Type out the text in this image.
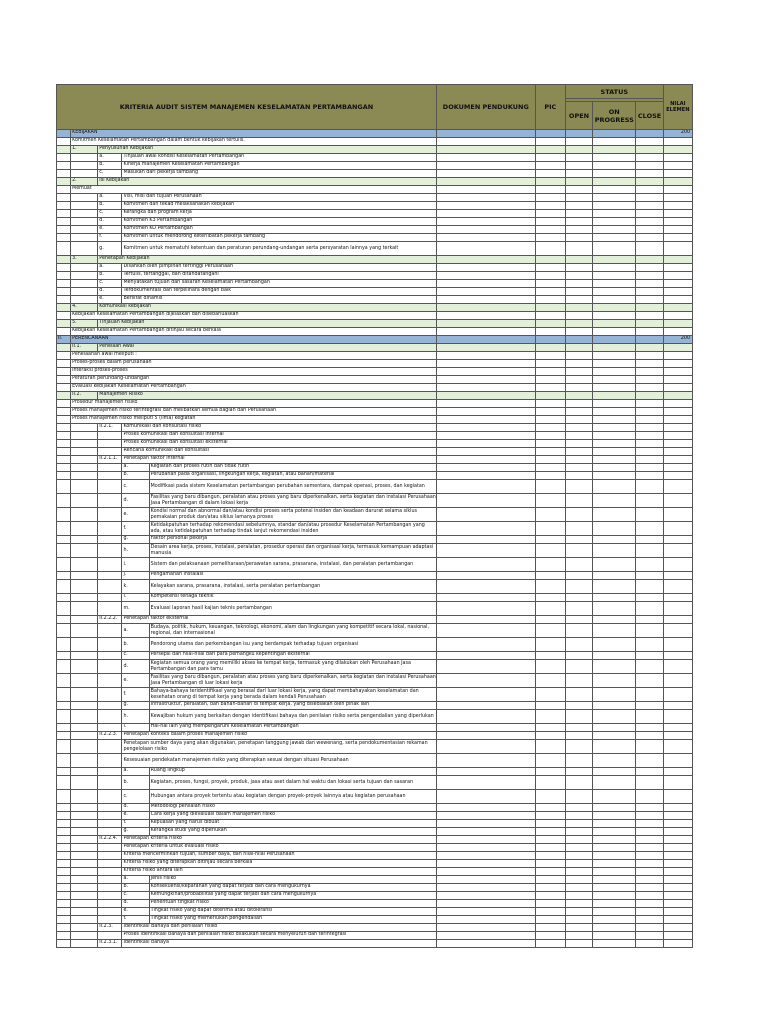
KRITERIA AUDIT SISTEM MANAJEMEN KESELAMATAN PERTAMBANGAN					DOKUMEN PENDUKUNG	PIC	STATUS			NILAI ELEMEN

							OPEN	ON PROGRESS	CLOSE	
	KEBIJAKAN									200
	Komitmen Keselamatan Pertambangan dalam bentuk kebijakan tertulis.									
	1.	Penyusunan Kebijakan								
		a.	Tinjauan awal kondisi Keselamatan Pertambangan							
		b.	Kinerja manajemen Keselamatan Pertambangan							
		c.	Masukan dari pekerja tambang							
	2.	Isi Kebijakan								
	Memuat									
		a.	Visi, misi dan tujuan Perusahaan							
		b.	Komitmen dan tekad melaksanakan kebijakan							
		c.	Kerangka dan program kerja							
		d.	Komitmen K3 Pertambangan							
		e.	Komitmen KO Pertambangan							
		f.	Komitmen untuk mendorong keterlibatan pekerja tambang							
		g.	Komitmen untuk mematuhi ketentuan dan peraturan perundang-undangan serta persyaratan lainnya yang terkait							
	3.	Penetapan Kebijakan								
		a.	Disahkan oleh pimpinan tertinggi Perusahaan							
		b.	Tertulis, tertanggal, dan ditandatangani							
		c.	Menyatakan tujuan dan sasaran Keselamatan Pertambangan							
		d.	Terdokumentasi dan terpelihara dengan baik							
		e.	Bersifat dinamis							
	4.	Komunikasi kebijakan								
	Kebijakan Keselamatan Pertambangan dijelaskan dan disebarluaskan									
	5.	Tinjauan Kebijakan								
	Kebijakan Keselamatan Pertambangan ditinjau secara berkala									
II.	PERENCANAAN									200
	II.1.	Penelaan Awal								
	Penelaahan awal meliputi :									
	Proses-proses dalam perusahaan									
	Interaksi proses-proses									
	Peraturan perundang-undangan									
	Evaluasi kebijakan Keselamatan Pertambangan									
	II.2.	Manajemen Risiko								
	Prosedur manajemen risiko									
	Proses manajemen risiko terintegrasi dan melibatkan semua bagian dari Perusahaan									
	Proses manajemen risiko meliputi 5 (lima) kegiatan									
		II.2.1.	Komunikasi dan konsultasi risiko							
			Proses komunikasi dan konsultasi internal							
			Proses komunikasi dan konsultasi eksternal							
			Rencana komunikasi dan konsultasi							
		II.2.1.1.	Penetapan faktor internal							
			a.	Kegiatan dan proses rutin dan tidak rutin						
			b.	Perubahan pada organisasi, lingkungan kerja, kegiatan, atau bahan/material						
			c.	Modifikasi pada sistem Keselamatan pertambangan perubahan sementara, dampak operasi, proses, dan kegiatan						
			d.	Fasilitas yang baru dibangun, peralatan atau proses yang baru diperkenalkan, serta kegiatan dan instalasi Perusahaan Jasa Pertambangan di dalam lokasi kerja						
			e.	Kondisi normal dan abnormal dan/atau kondisi proses serta potensi insiden dan keadaan darurat selama siklus pemakaian produk dan/atau siklus lamanya proses						
			f.	Ketidakpatuhan terhadap rekomendasi sebelumnya, standar dan/atau prosedur Keselamatan Pertambangan yang ada, atau ketidakpatuhan terhadap tindak lanjut rekomendasi insiden						
			g.	Faktor personal pekerja						
			h.	Desain area kerja, proses, instalasi, peralatan, prosedur operasi dan organisasi kerja, termasuk kemampuan adaptasi manusia						
			i.	Sistem dan pelaksanaan pemeliharaan/perawatan sarana, prasarana, instalasi, dan peralatan pertambangan						
			j.	Pengamanan instalasi						
			k.	Kelayakan sarana, prasarana, instalasi, serta peralatan pertambangan						
			l.	Kompetensi tenaga teknik						
			m.	Evaluasi laporan hasil kajian teknis pertambangan						
		II.2.2.2.	Penetapan faktor eksternal							
			a.	Budaya, politik, hukum, keuangan, teknologi, ekonomi, alam dan lingkungan yang kompetitif secara lokal, nasional, regional, dan internasional						
			b.	Pendorong utama dan perkembangan isu yang berdampak terhadap tujuan organisasi						
			c.	Persepsi dan nilai-nilai dari para pemangku kepentingan eksternal						
			d.	Kegiatan semua orang yang memiliki akses ke tempat kerja, termasuk yang dilakukan oleh Perusahaan Jasa Pertambangan dan para tamu						
			e.	Fasilitas yang baru dibangun, peralatan atau proses yang baru diperkenalkan, serta kegiatan dan instalasi Perusahaan Jasa Pertambangan di luar lokasi kerja						
			f.	Bahaya-bahaya teridentifikasi yang berasal dari luar lokasi kerja, yang dapat membahayakan keselamatan dan kesehatan orang di tempat kerja yang berada dalam kendali Perusahaan						
			g.	Infrastruktur, peralatan, dan bahan-bahan di tempat kerja, yang disediakan oleh pihak lain						
			h.	Kewajiban hukum yang berkaitan dengan identifikasi bahaya dan penilaian risiko serta pengendalian yang diperlukan						
			i.	Hal-hal lain yang mempengaruhi Keselamatan Pertambangan						
		II.2.2.3.	Penetapan konteks dalam proses manajemen risiko							
			Penetapan sumber daya yang akan digunakan, penetapan tanggung jawab dan wewenang, serta pendokumentasian rekaman pengelolaan risiko							
			Kesesuaian pendekatan manajemen risiko yang diterapkan sesuai dengan situasi Perusahaan							
			a.	Ruang lingkup						
			b.	Kegiatan, proses, fungsi, proyek, produk, jasa atau aset dalam hal waktu dan lokasi serta tujuan dan sasaran						
			c.	Hubungan antara proyek tertentu atau kegiatan dengan proyek-proyek lainnya atau kegiatan perusahaan						
			d.	Metodologi penilaian risiko						
			e.	Cara kerja yang dievaluasi dalam manajemen risiko						
			f.	Kepuasan yang harus dibuat						
			g.	Kerangka studi yang diperlukan						
		II.2.2.4.	Penetapan kriteria risiko							
			Penetapan kriteria untuk evaluasi risiko							
			Kriteria mencerminkan tujuan, sumber daya, dan nilai-nilai Perusahaan							
			Kriteria risiko yang diterapkan ditinjau secara berkala							
			Kriteria risiko antara lain							
			a.	Jenis risiko						
			b.	Konsekuensi/keparahan yang dapat terjadi dan cara mengukurnya						
			c.	Kemungkinan/probabilitas yang dapat terjadi dan cara mengukurnya						
			d.	Penentuan tingkat risiko						
			e.	Tingkat risiko yang dapat diterima atau ditoleransi						
			f.	Tingkat risiko yang memerlukan pengendalian						
		II.2.3.	Identifikasi Bahaya dan penilaian risiko							
			Proses identifikasi bahaya dan penilaian risiko dilakukan secara menyeluruh dan terintegrasi							
		II.2.3.1.	Identifikasi bahaya							
